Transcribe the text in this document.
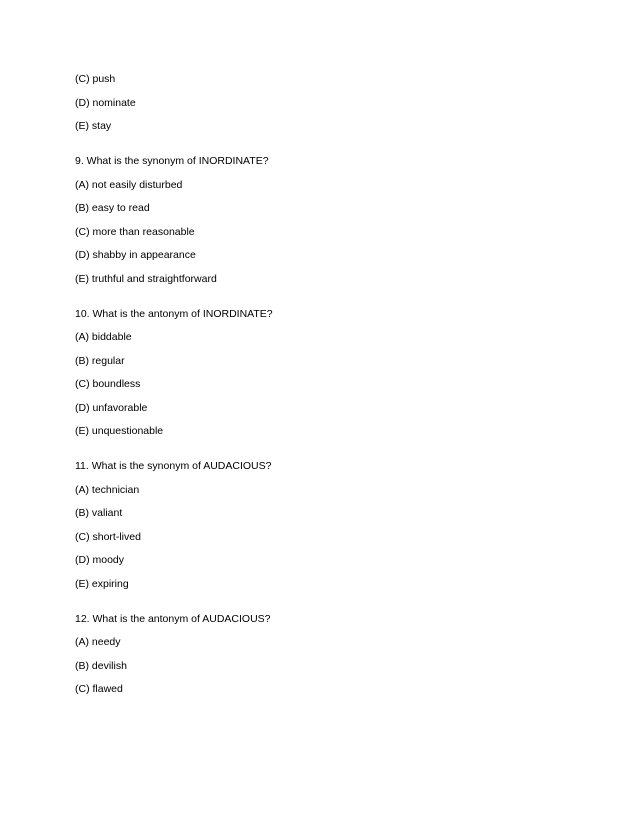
(C) push
(D) nominate
(E) stay
9. What is the synonym of INORDINATE?
(A) not easily disturbed
(B) easy to read
(C) more than reasonable
(D) shabby in appearance
(E) truthful and straightforward
10. What is the antonym of INORDINATE?
(A) biddable
(B) regular
(C) boundless
(D) unfavorable
(E) unquestionable
11. What is the synonym of AUDACIOUS?
(A) technician
(B) valiant
(C) short-lived
(D) moody
(E) expiring
12. What is the antonym of AUDACIOUS?
(A) needy
(B) devilish
(C) flawed
